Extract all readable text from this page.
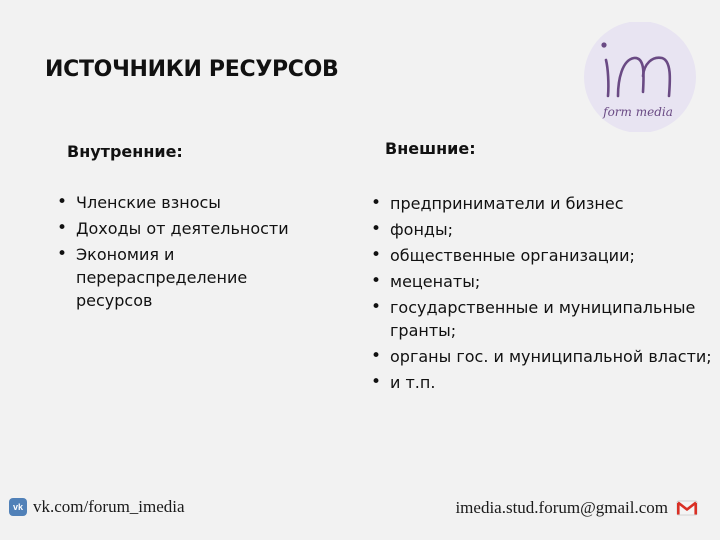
ИСТОЧНИКИ РЕСУРСОВ
form media
Внутренние:	Внешние:
• Членские взносы
• Доходы от деятельности
• Экономия и перераспределение ресурсов
• предприниматели и бизнес
• фонды;
• общественные организации;
• меценаты;
• государственные и муниципальные гранты;
• органы гос. и муниципальной власти;
• и т.п.
vk vk.com/forum_imedia	imedia.stud.forum@gmail.com
